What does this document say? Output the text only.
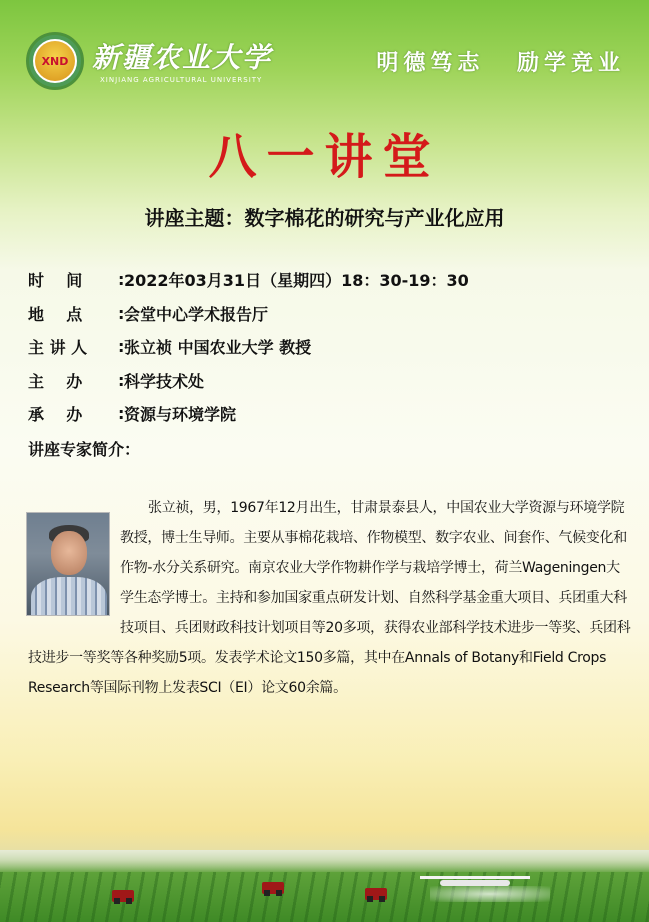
XND 新疆农业大学
XINJIANG AGRICULTURAL UNIVERSITY
明德笃志 励学竞业
八一讲堂
讲座主题：数字棉花的研究与产业化应用
时    间	: 2022年03月31日（星期四）18：30-19：30
地    点	: 会堂中心学术报告厅
主 讲 人	: 张立祯 中国农业大学 教授
主    办	: 科学技术处
承    办	: 资源与环境学院
讲座专家简介：
张立祯，男，1967年12月出生，甘肃景泰县人，中国农业大学资源与环境学院教授，博士生导师。主要从事棉花栽培、作物模型、数字农业、间套作、气候变化和作物-水分关系研究。南京农业大学作物耕作学与栽培学博士，荷兰Wageningen大学生态学博士。主持和参加国家重点研发计划、自然科学基金重大项目、兵团重大科技项目、兵团财政科技计划项目等20多项，获得农业部科学技术进步一等奖、兵团科技进步一等奖等各种奖励5项。发表学术论文150多篇，其中在Annals of Botany和Field Crops Research等国际刊物上发表SCI（EI）论文60余篇。
